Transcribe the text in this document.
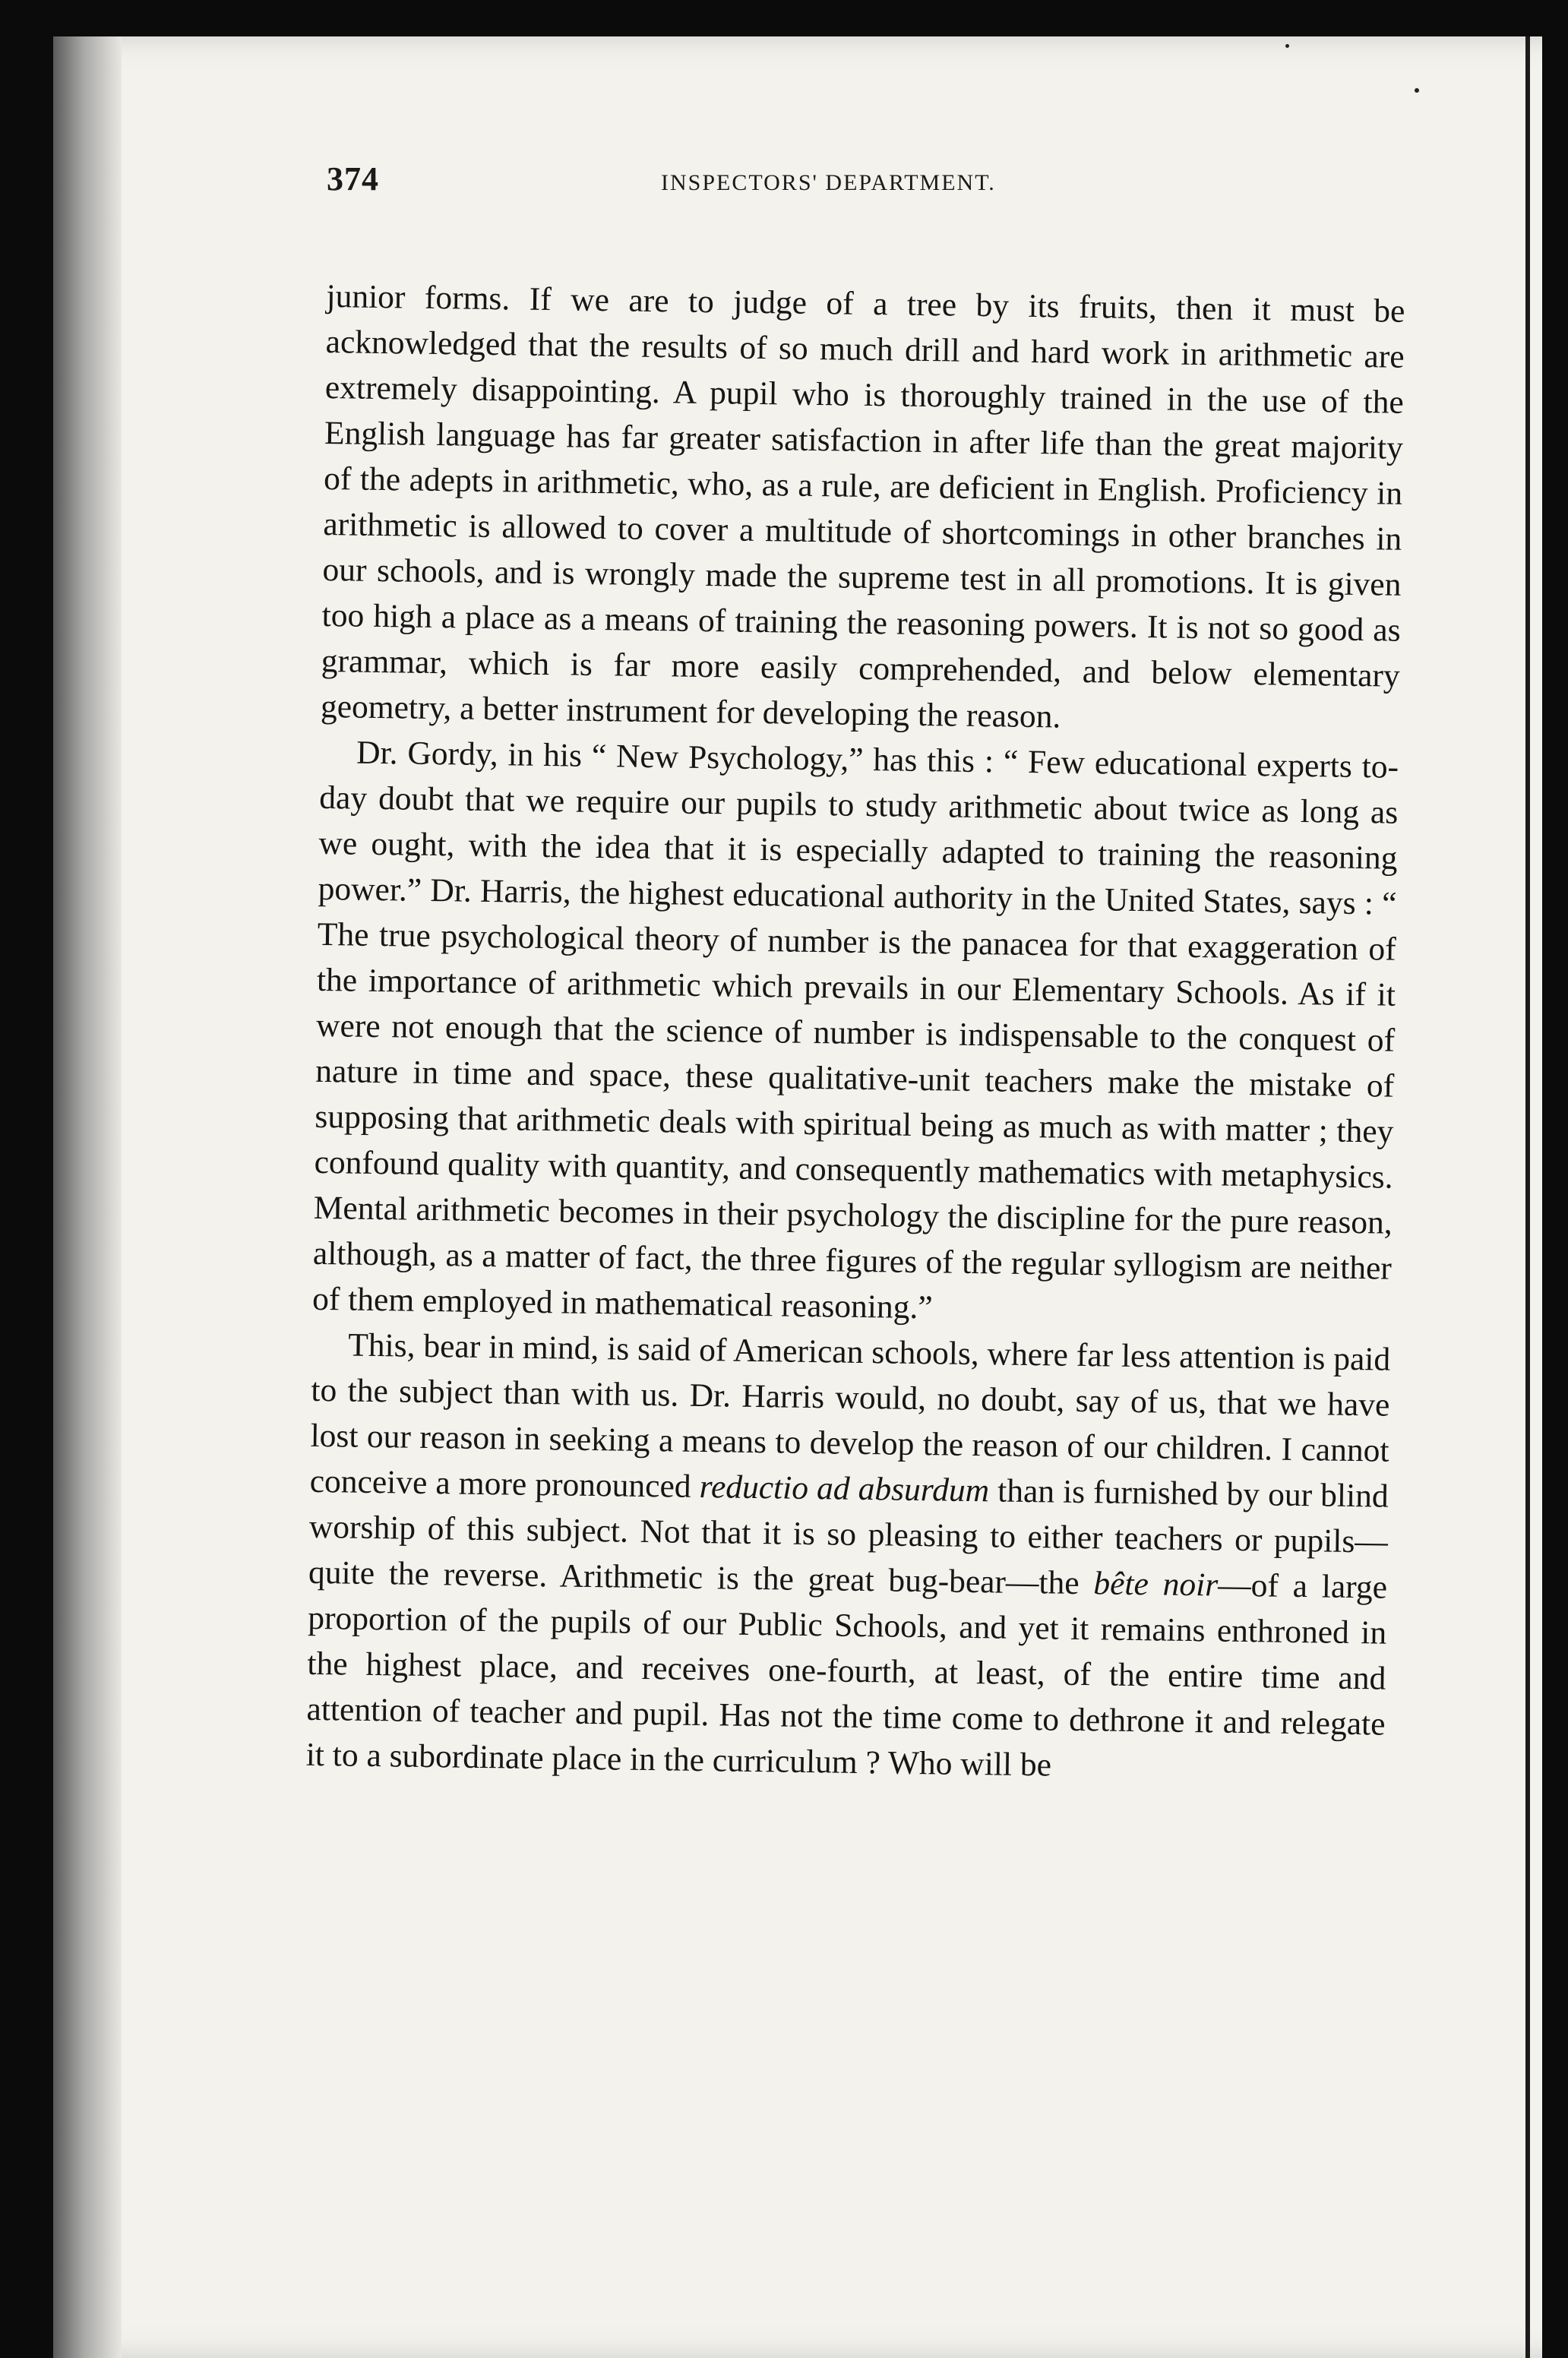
374	INSPECTORS' DEPARTMENT.

junior forms. If we are to judge of a tree by its fruits, then it must be acknowledged that the results of so much drill and hard work in arithmetic are extremely disappointing. A pupil who is thoroughly trained in the use of the English language has far greater satisfaction in after life than the great majority of the adepts in arithmetic, who, as a rule, are deficient in English. Proficiency in arithmetic is allowed to cover a multitude of shortcomings in other branches in our schools, and is wrongly made the supreme test in all promotions. It is given too high a place as a means of training the reasoning powers. It is not so good as grammar, which is far more easily comprehended, and below elementary geometry, a better instrument for developing the reason.

Dr. Gordy, in his “ New Psychology,” has this : “ Few educational experts to-day doubt that we require our pupils to study arithmetic about twice as long as we ought, with the idea that it is especially adapted to training the reasoning power.” Dr. Harris, the highest educational authority in the United States, says : “ The true psychological theory of number is the panacea for that exaggeration of the importance of arithmetic which prevails in our Elementary Schools. As if it were not enough that the science of number is indispensable to the conquest of nature in time and space, these qualitative-unit teachers make the mistake of supposing that arithmetic deals with spiritual being as much as with matter ; they confound quality with quantity, and consequently mathematics with metaphysics. Mental arithmetic becomes in their psychology the discipline for the pure reason, although, as a matter of fact, the three figures of the regular syllogism are neither of them employed in mathematical reasoning.”

This, bear in mind, is said of American schools, where far less attention is paid to the subject than with us. Dr. Harris would, no doubt, say of us, that we have lost our reason in seeking a means to develop the reason of our children. I cannot conceive a more pronounced reductio ad absurdum than is furnished by our blind worship of this subject. Not that it is so pleasing to either teachers or pupils—quite the reverse. Arithmetic is the great bug-bear—the bête noir—of a large proportion of the pupils of our Public Schools, and yet it remains enthroned in the highest place, and receives one-fourth, at least, of the entire time and attention of teacher and pupil. Has not the time come to dethrone it and relegate it to a subordinate place in the curriculum ? Who will be
